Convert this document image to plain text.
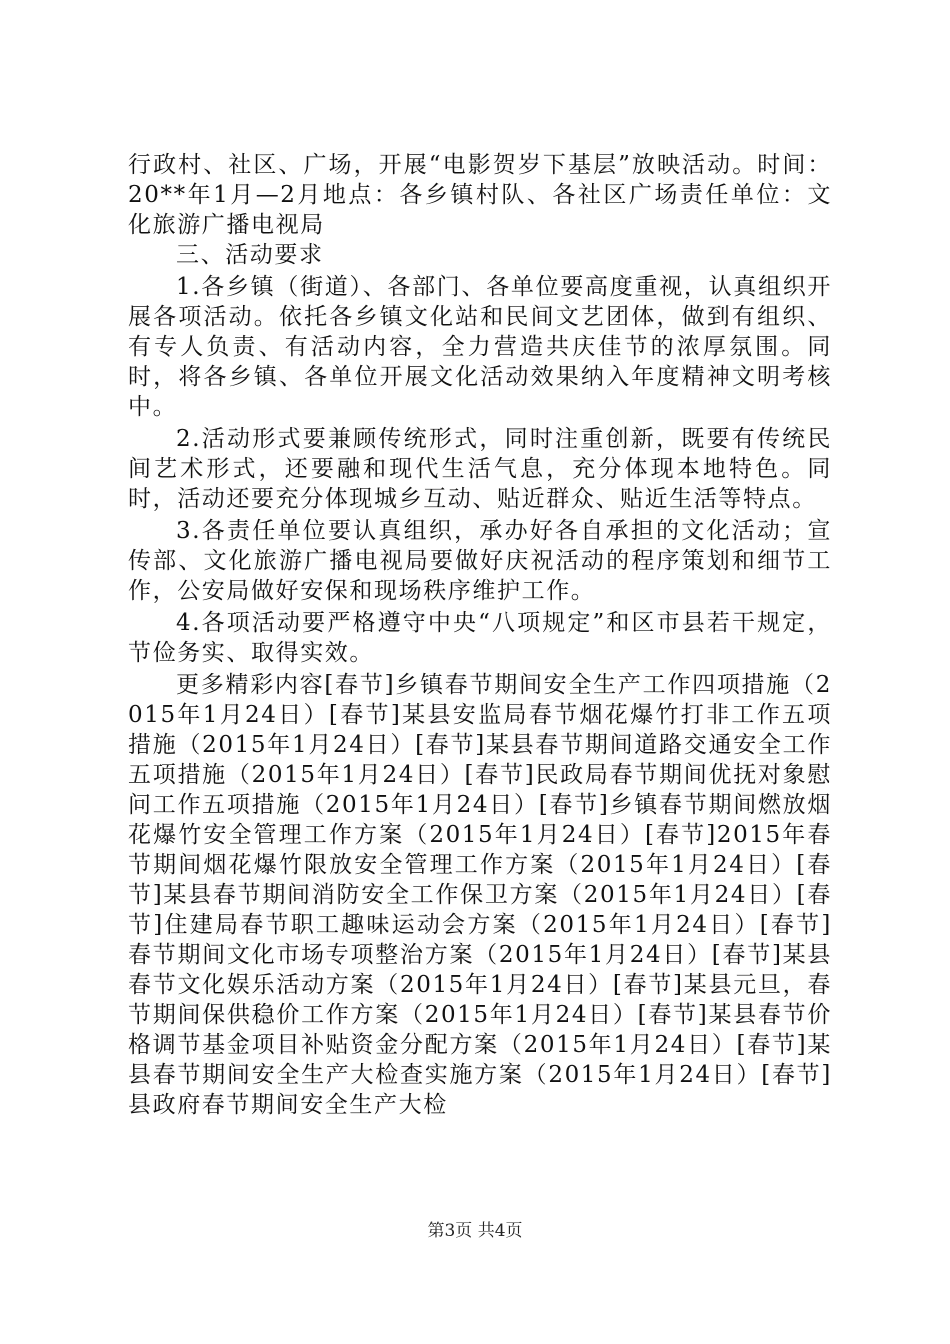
行政村、社区、广场，开展“电影贺岁下基层”放映活动。时间：20**年1月—2月地点：各乡镇村队、各社区广场责任单位：文化旅游广播电视局

三、活动要求

1.各乡镇（街道）、各部门、各单位要高度重视，认真组织开展各项活动。依托各乡镇文化站和民间文艺团体，做到有组织、有专人负责、有活动内容，全力营造共庆佳节的浓厚氛围。同时，将各乡镇、各单位开展文化活动效果纳入年度精神文明考核中。

2.活动形式要兼顾传统形式，同时注重创新，既要有传统民间艺术形式，还要融和现代生活气息，充分体现本地特色。同时，活动还要充分体现城乡互动、贴近群众、贴近生活等特点。

3.各责任单位要认真组织，承办好各自承担的文化活动；宣传部、文化旅游广播电视局要做好庆祝活动的程序策划和细节工作，公安局做好安保和现场秩序维护工作。

4.各项活动要严格遵守中央“八项规定”和区市县若干规定，节俭务实、取得实效。

更多精彩内容[春节]乡镇春节期间安全生产工作四项措施（2015年1月24日）[春节]某县安监局春节烟花爆竹打非工作五项措施（2015年1月24日）[春节]某县春节期间道路交通安全工作五项措施（2015年1月24日）[春节]民政局春节期间优抚对象慰问工作五项措施（2015年1月24日）[春节]乡镇春节期间燃放烟花爆竹安全管理工作方案（2015年1月24日）[春节]2015年春节期间烟花爆竹限放安全管理工作方案（2015年1月24日）[春节]某县春节期间消防安全工作保卫方案（2015年1月24日）[春节]住建局春节职工趣味运动会方案（2015年1月24日）[春节]春节期间文化市场专项整治方案（2015年1月24日）[春节]某县春节文化娱乐活动方案（2015年1月24日）[春节]某县元旦，春节期间保供稳价工作方案（2015年1月24日）[春节]某县春节价格调节基金项目补贴资金分配方案（2015年1月24日）[春节]某县春节期间安全生产大检查实施方案（2015年1月24日）[春节]县政府春节期间安全生产大检

第3页 共4页
